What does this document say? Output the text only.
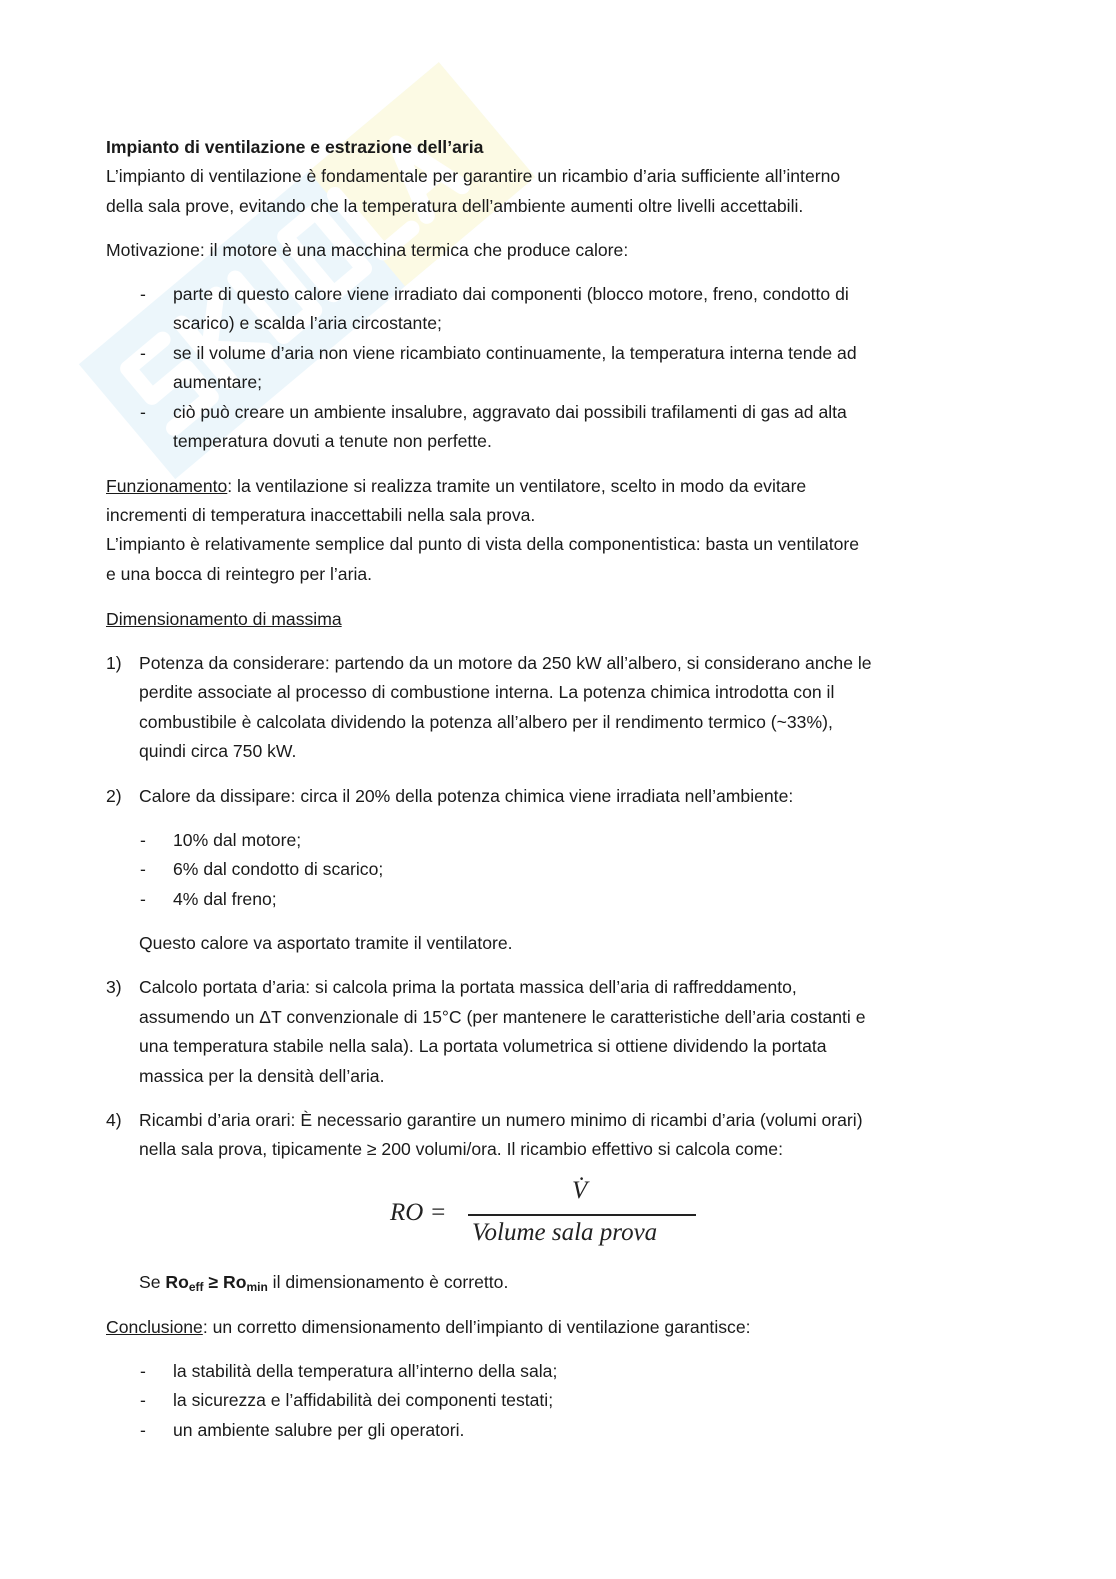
Impianto di ventilazione e estrazione dell’aria
L’impianto di ventilazione è fondamentale per garantire un ricambio d’aria sufficiente all’interno
della sala prove, evitando che la temperatura dell’ambiente aumenti oltre livelli accettabili.
Motivazione: il motore è una macchina termica che produce calore:
- parte di questo calore viene irradiato dai componenti (blocco motore, freno, condotto di
scarico) e scalda l’aria circostante;
- se il volume d’aria non viene ricambiato continuamente, la temperatura interna tende ad
aumentare;
- ciò può creare un ambiente insalubre, aggravato dai possibili trafilamenti di gas ad alta
temperatura dovuti a tenute non perfette.
Funzionamento: la ventilazione si realizza tramite un ventilatore, scelto in modo da evitare
incrementi di temperatura inaccettabili nella sala prova.
L’impianto è relativamente semplice dal punto di vista della componentistica: basta un ventilatore
e una bocca di reintegro per l’aria.
Dimensionamento di massima
1) Potenza da considerare: partendo da un motore da 250 kW all’albero, si considerano anche le
perdite associate al processo di combustione interna. La potenza chimica introdotta con il
combustibile è calcolata dividendo la potenza all’albero per il rendimento termico (~33%),
quindi circa 750 kW.
2) Calore da dissipare: circa il 20% della potenza chimica viene irradiata nell’ambiente:
- 10% dal motore;
- 6% dal condotto di scarico;
- 4% dal freno;
Questo calore va asportato tramite il ventilatore.
3) Calcolo portata d’aria: si calcola prima la portata massica dell’aria di raffreddamento,
assumendo un ΔT convenzionale di 15°C (per mantenere le caratteristiche dell’aria costanti e
una temperatura stabile nella sala). La portata volumetrica si ottiene dividendo la portata
massica per la densità dell’aria.
4) Ricambi d’aria orari: È necessario garantire un numero minimo di ricambi d’aria (volumi orari)
nella sala prova, tipicamente ≥ 200 volumi/ora. Il ricambio effettivo si calcola come:
RO =
V̇
Volume sala prova
Se $Ro_{eff} \ge Ro_{min}$ il dimensionamento è corretto.
Conclusione: un corretto dimensionamento dell’impianto di ventilazione garantisce:
- la stabilità della temperatura all’interno della sala;
- la sicurezza e l’affidabilità dei componenti testati;
- un ambiente salubre per gli operatori.
